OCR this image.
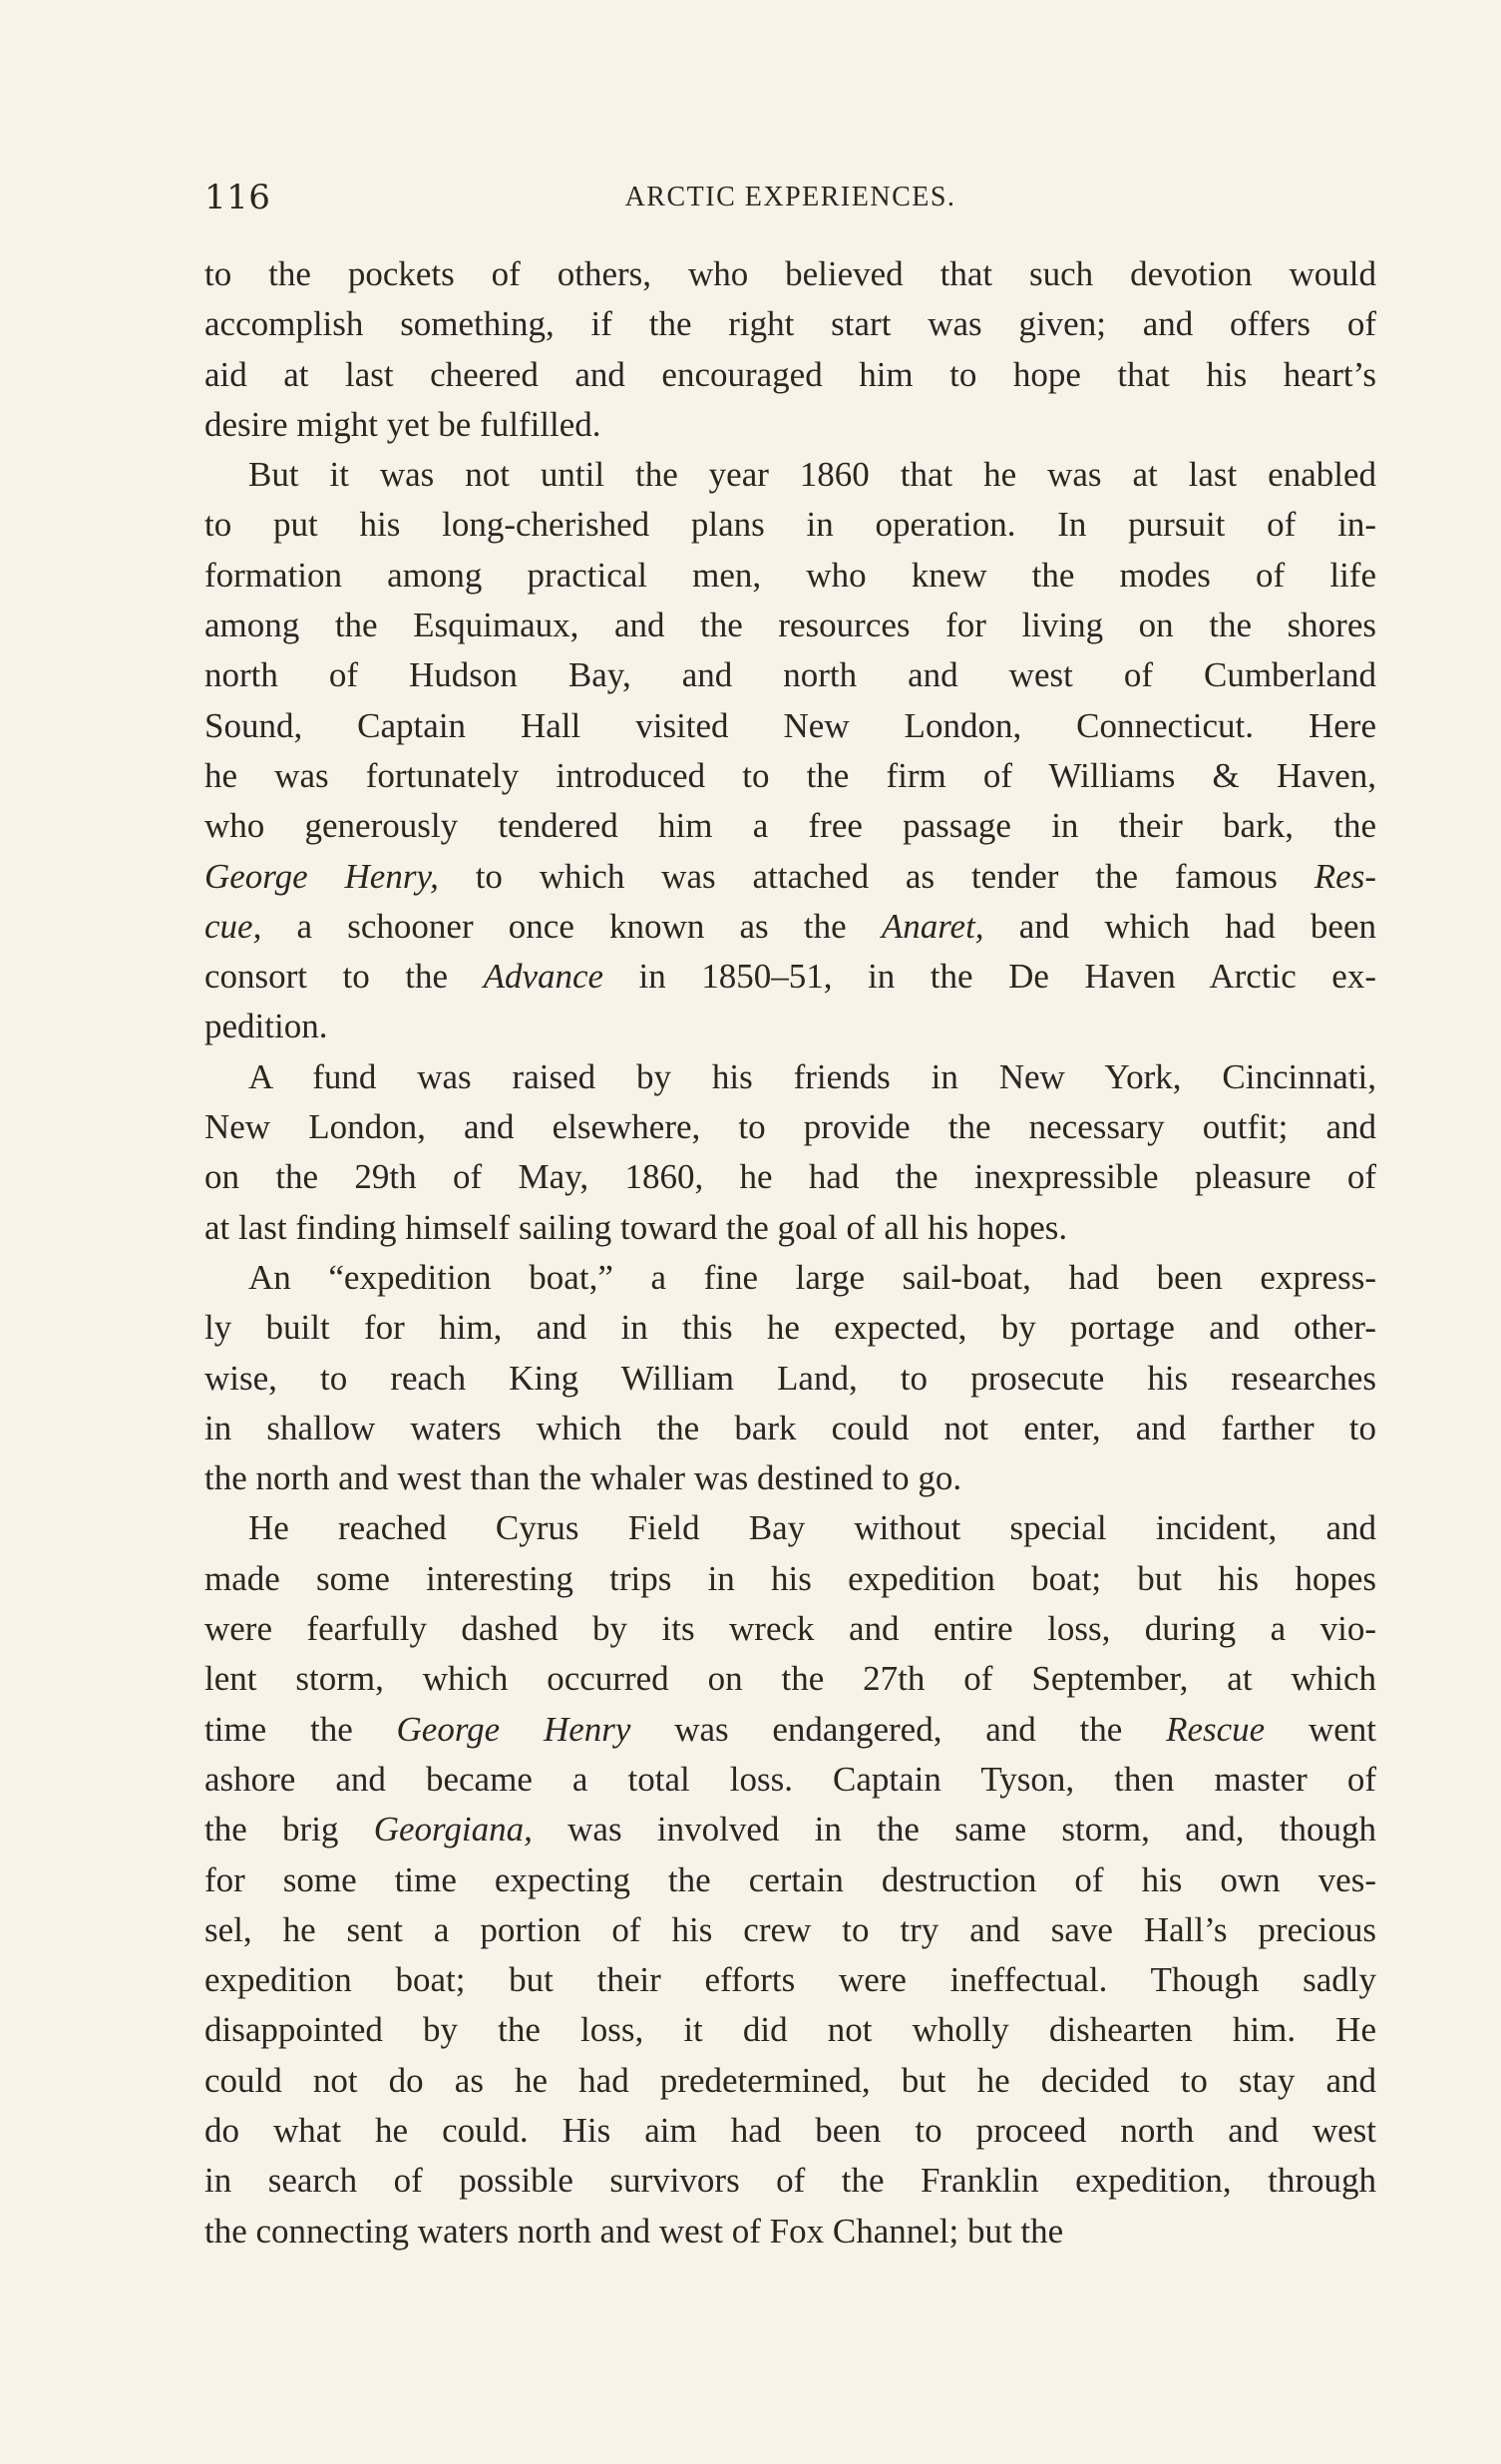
116	ARCTIC EXPERIENCES.
to the pockets of others, who believed that such devotion would
accomplish something, if the right start was given; and offers of
aid at last cheered and encouraged him to hope that his heart’s
desire might yet be fulfilled.
But it was not until the year 1860 that he was at last enabled
to put his long-cherished plans in operation. In pursuit of in-
formation among practical men, who knew the modes of life
among the Esquimaux, and the resources for living on the shores
north of Hudson Bay, and north and west of Cumberland
Sound, Captain Hall visited New London, Connecticut. Here
he was fortunately introduced to the firm of Williams & Haven,
who generously tendered him a free passage in their bark, the
George Henry, to which was attached as tender the famous Res-
cue, a schooner once known as the Anaret, and which had been
consort to the Advance in 1850–51, in the De Haven Arctic ex-
pedition.
A fund was raised by his friends in New York, Cincinnati,
New London, and elsewhere, to provide the necessary outfit; and
on the 29th of May, 1860, he had the inexpressible pleasure of
at last finding himself sailing toward the goal of all his hopes.
An “expedition boat,” a fine large sail-boat, had been express-
ly built for him, and in this he expected, by portage and other-
wise, to reach King William Land, to prosecute his researches
in shallow waters which the bark could not enter, and farther to
the north and west than the whaler was destined to go.
He reached Cyrus Field Bay without special incident, and
made some interesting trips in his expedition boat; but his hopes
were fearfully dashed by its wreck and entire loss, during a vio-
lent storm, which occurred on the 27th of September, at which
time the George Henry was endangered, and the Rescue went
ashore and became a total loss. Captain Tyson, then master of
the brig Georgiana, was involved in the same storm, and, though
for some time expecting the certain destruction of his own ves-
sel, he sent a portion of his crew to try and save Hall’s precious
expedition boat; but their efforts were ineffectual. Though sadly
disappointed by the loss, it did not wholly dishearten him. He
could not do as he had predetermined, but he decided to stay and
do what he could. His aim had been to proceed north and west
in search of possible survivors of the Franklin expedition, through
the connecting waters north and west of Fox Channel; but the
